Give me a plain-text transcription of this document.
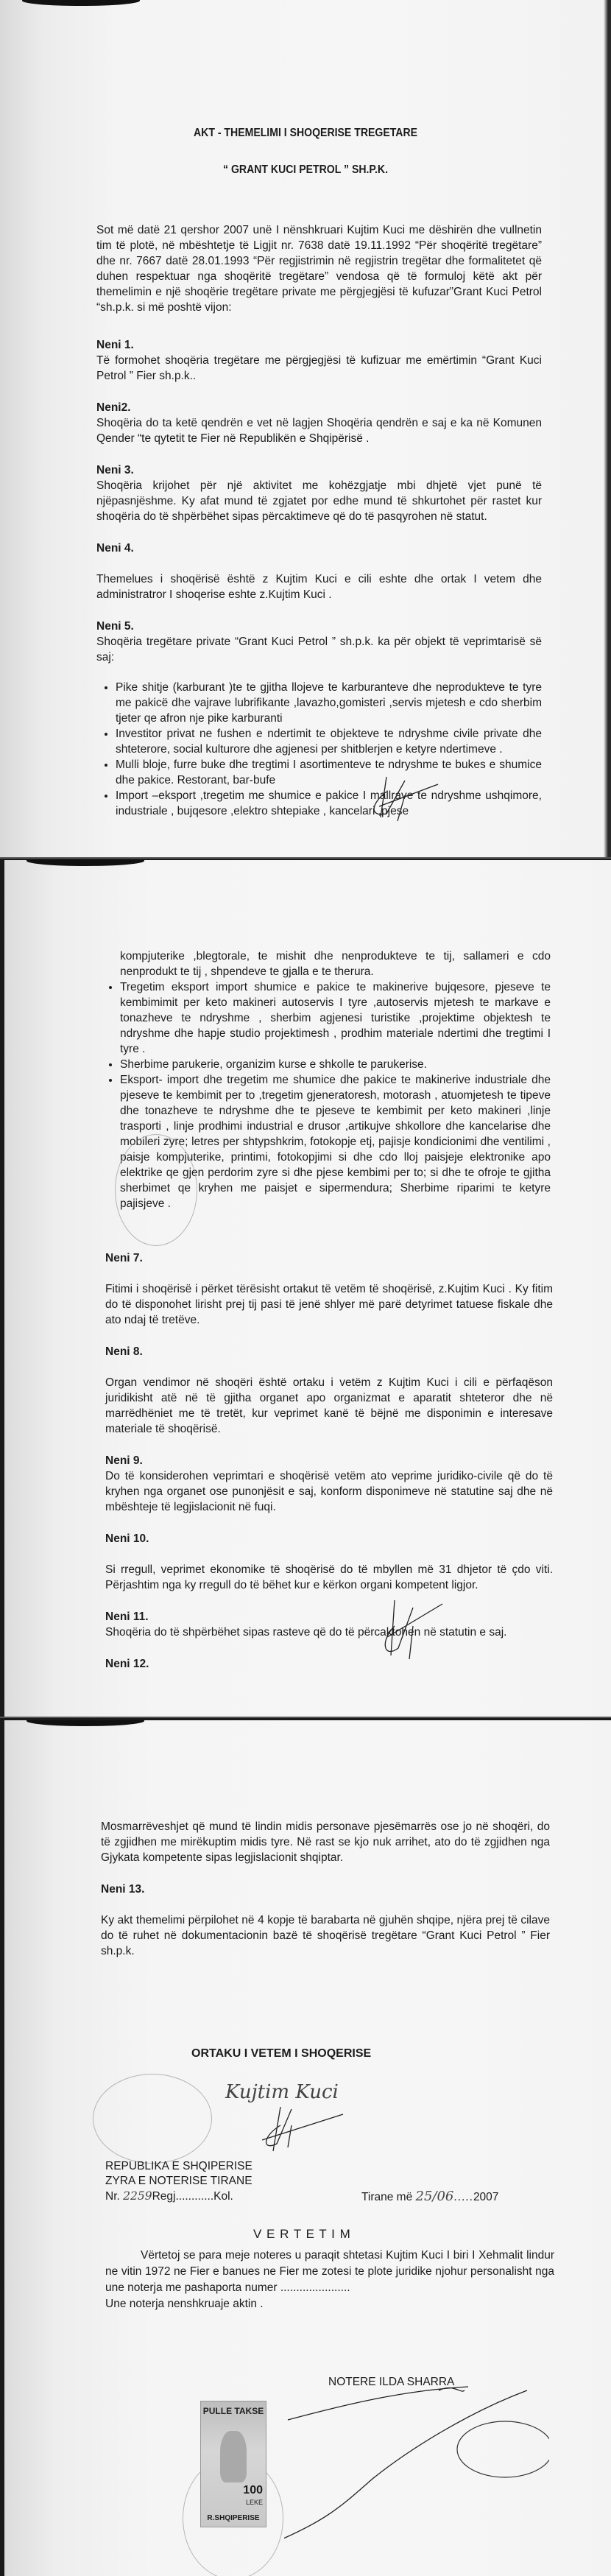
AKT - THEMELIMI I SHOQERISE TREGETARE
“ GRANT KUCI PETROL ” SH.P.K.

Sot më datë 21 qershor 2007 unë I nënshkruari Kujtim Kuci me dëshirën dhe vullnetin tim të plotë, në mbështetje të Ligjit nr. 7638 datë 19.11.1992 “Për shoqëritë tregëtare” dhe nr. 7667 datë 28.01.1993 “Për regjistrimin në regjistrin tregëtar dhe formalitetet që duhen respektuar nga shoqëritë tregëtare” vendosa që të formuloj këtë akt për themelimin e një shoqërie tregëtare private me përgjegjësi të kufuzar”Grant Kuci Petrol “sh.p.k. si më poshtë vijon:

Neni 1.

Të formohet shoqëria tregëtare me përgjegjësi të kufizuar me emërtimin “Grant Kuci Petrol ” Fier sh.p.k..

Neni2.

Shoqëria do ta ketë qendrën e vet në lagjen Shoqëria qendrën e saj e ka në Komunen Qender “te qytetit te Fier në Republikën e Shqipërisë .

Neni 3.

Shoqëria krijohet për një aktivitet me kohëzgjatje mbi dhjetë vjet punë të njëpasnjëshme. Ky afat mund të zgjatet por edhe mund të shkurtohet për rastet kur shoqëria do të shpërbëhet sipas përcaktimeve që do të pasqyrohen në statut.

Neni 4.

Themelues i shoqërisë është z Kujtim Kuci e cili eshte dhe ortak I vetem dhe administratror I shoqerise eshte z.Kujtim Kuci .

Neni 5.

Shoqëria tregëtare private “Grant Kuci Petrol ” sh.p.k. ka për objekt të veprimtarisë së saj:

• Pike shitje (karburant )te te gjitha llojeve te karburanteve dhe neprodukteve te tyre me pakicë dhe vajrave lubrifikante ,lavazho,gomisteri ,servis mjetesh e cdo sherbim tjeter qe afron nje pike karburanti
• Investitor privat ne fushen e ndertimit te objekteve te ndryshme civile private dhe shteterore, social kulturore dhe agjenesi per shitblerjen e ketyre ndertimeve .
• Mulli bloje, furre buke dhe tregtimi I asortimenteve te ndryshme te bukes e shumice dhe pakice. Restorant, bar-bufe
• Import –eksport ,tregetim me shumice e pakice I mallrave te ndryshme ushqimore, industriale , bujqesore ,elektro shtepiake , kancelari ,pjese

kompjuterike ,blegtorale, te mishit dhe nenprodukteve te tij, sallameri e cdo nenprodukt te tij , shpendeve te gjalla e te therura.

• Tregetim eksport import shumice e pakice te makinerive bujqesore, pjeseve te kembimimit per keto makineri autoservis I tyre ,autoservis mjetesh te markave e tonazheve te ndryshme , sherbim agjenesi turistike ,projektime objektesh te ndryshme dhe hapje studio projektimesh , prodhim materiale ndertimi dhe tregtimi I tyre .
• Sherbime parukerie, organizim kurse e shkolle te parukerise.
• Eksport- import dhe tregetim me shumice dhe pakice te makinerive industriale dhe pjeseve te kembimit per to ,tregetim gjeneratoresh, motorash , atuomjetesh te tipeve dhe tonazheve te ndryshme dhe te pjeseve te kembimit per keto makineri ,linje trasporti , linje prodhimi industrial e drusor ,artikujve shkollore dhe kancelarise dhe mobileri zyre; letres per shtypshkrim, fotokopje etj, pajisje kondicionimi dhe ventilimi , paisje kompjuterike, printimi, fotokopjimi si dhe cdo lloj paisjeje elektronike apo elektrike qe gjen perdorim zyre si dhe pjese kembimi per to; si dhe te ofroje te gjitha sherbimet qe kryhen me paisjet e sipermendura; Sherbime riparimi te ketyre pajisjeve .

Neni 7.

Fitimi i shoqërisë i përket tërësisht ortakut të vetëm të shoqërisë, z.Kujtim Kuci . Ky fitim do të disponohet lirisht prej tij pasi të jenë shlyer më parë detyrimet tatuese fiskale dhe ato ndaj të tretëve.

Neni 8.

Organ vendimor në shoqëri është ortaku i vetëm z Kujtim Kuci i cili e përfaqëson juridikisht atë në të gjitha organet apo organizmat e aparatit shteteror dhe në marrëdhëniet me të tretët, kur veprimet kanë të bëjnë me disponimin e interesave materiale të shoqërisë.

Neni 9.

Do të konsiderohen veprimtari e shoqërisë vetëm ato veprime juridiko-civile që do të kryhen nga organet ose punonjësit e saj, konform disponimeve në statutine saj dhe në mbështeje të legjislacionit në fuqi.

Neni 10.

Si rregull, veprimet ekonomike të shoqërisë do të mbyllen më 31 dhjetor të çdo viti. Përjashtim nga ky rregull do të bëhet kur e kërkon organi kompetent ligjor.

Neni 11.

Shoqëria do të shpërbëhet sipas rasteve që do të përcaktohen në statutin e saj.

Neni 12.

Mosmarrëveshjet që mund të lindin midis personave pjesëmarrës ose jo në shoqëri, do të zgjidhen me mirëkuptim midis tyre. Në rast se kjo nuk arrihet, ato do të zgjidhen nga Gjykata kompetente sipas legjislacionit shqiptar.

Neni 13.

Ky akt themelimi përpilohet në 4 kopje të barabarta në gjuhën shqipe, njëra prej të cilave do të ruhet në dokumentacionin bazë të shoqërisë tregëtare “Grant Kuci Petrol ” Fier sh.p.k.

ORTAKU I VETEM I SHOQERISE
Kujtim Kuci
REPUBLIKA E SHQIPERISE
ZYRA E NOTERISE TIRANE
Nr. 2259Regj............Kol.	Tirane më 25/06.....2007
V E R T E T I M

Vërtetoj se para meje noteres u paraqit shtetasi Kujtim Kuci I biri I Xehmalit lindur ne vitin 1972 ne Fier e banues ne Fier me zotesi te plote juridike njohur personalisht nga une noterja me pashaporta numer ......................

Une noterja nenshkruaje aktin .

NOTERE ILDA SHARRA
PULLE TAKSE
100
LEKE
R.SHQIPERISE
